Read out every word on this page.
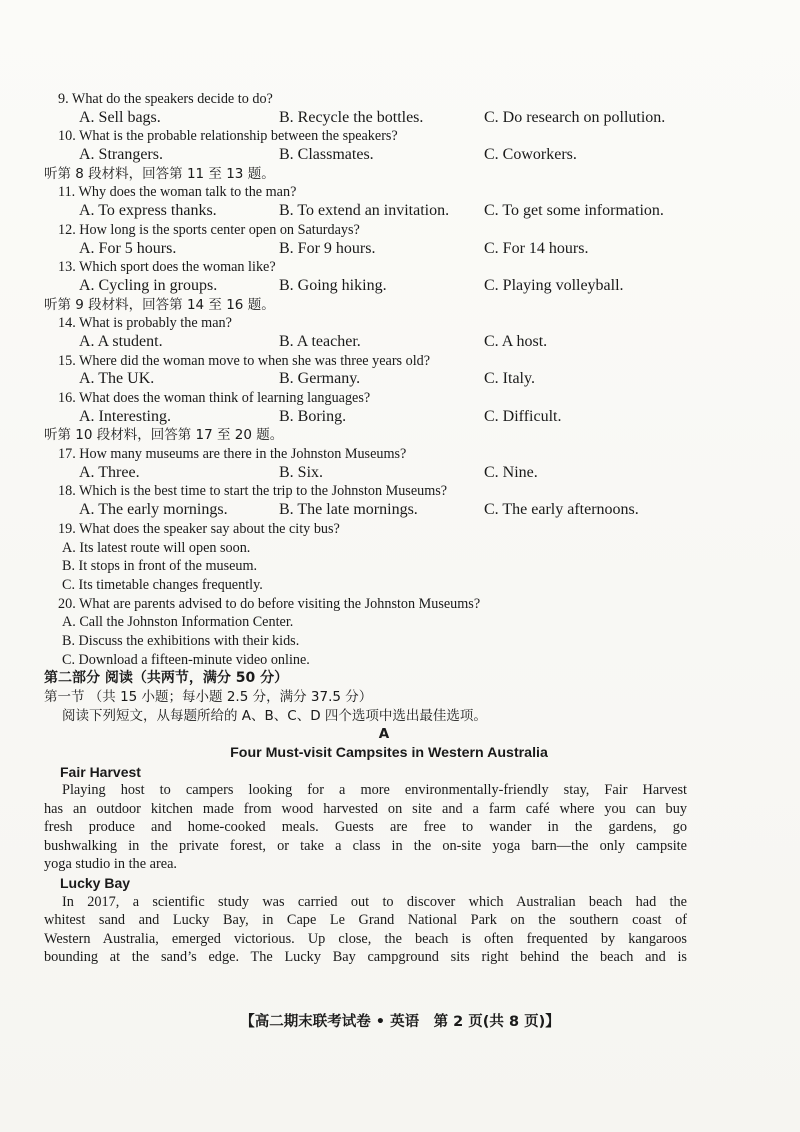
9. What do the speakers decide to do?
A. Sell bags.	B. Recycle the bottles.	C. Do research on pollution.
10. What is the probable relationship between the speakers?
A. Strangers.	B. Classmates.	C. Coworkers.
听第 8 段材料，回答第 11 至 13 题。
11. Why does the woman talk to the man?
A. To express thanks.	B. To extend an invitation. C. To get some information.
12. How long is the sports center open on Saturdays?
A. For 5 hours.	B. For 9 hours.	C. For 14 hours.
13. Which sport does the woman like?
A. Cycling in groups.	B. Going hiking.	C. Playing volleyball.
听第 9 段材料，回答第 14 至 16 题。
14. What is probably the man?
A. A student.	B. A teacher.	C. A host.
15. Where did the woman move to when she was three years old?
A. The UK.	B. Germany.	C. Italy.
16. What does the woman think of learning languages?
A. Interesting.	B. Boring.	C. Difficult.
听第 10 段材料，回答第 17 至 20 题。
17. How many museums are there in the Johnston Museums?
A. Three.	B. Six.	C. Nine.
18. Which is the best time to start the trip to the Johnston Museums?
A. The early mornings.	B. The late mornings.	C. The early afternoons.
19. What does the speaker say about the city bus?
A. Its latest route will open soon.
B. It stops in front of the museum.
C. Its timetable changes frequently.
20. What are parents advised to do before visiting the Johnston Museums?
A. Call the Johnston Information Center.
B. Discuss the exhibitions with their kids.
C. Download a fifteen-minute video online.
第二部分 阅读（共两节，满分 50 分）
第一节 （共 15 小题；每小题 2.5 分，满分 37.5 分）
阅读下列短文，从每题所给的 A、B、C、D 四个选项中选出最佳选项。
A
Four Must-visit Campsites in Western Australia
Fair Harvest
Playing host to campers looking for a more environmentally-friendly stay, Fair Harvest
has an outdoor kitchen made from wood harvested on site and a farm café where you can buy
fresh produce and home-cooked meals. Guests are free to wander in the gardens, go
bushwalking in the private forest, or take a class in the on-site yoga barn—the only campsite
yoga studio in the area.
Lucky Bay
In 2017, a scientific study was carried out to discover which Australian beach had the
whitest sand and Lucky Bay, in Cape Le Grand National Park on the southern coast of
Western Australia, emerged victorious. Up close, the beach is often frequented by kangaroos
bounding at the sand’s edge. The Lucky Bay campground sits right behind the beach and is
【高二期末联考试卷 • 英语　第 2 页(共 8 页)】
